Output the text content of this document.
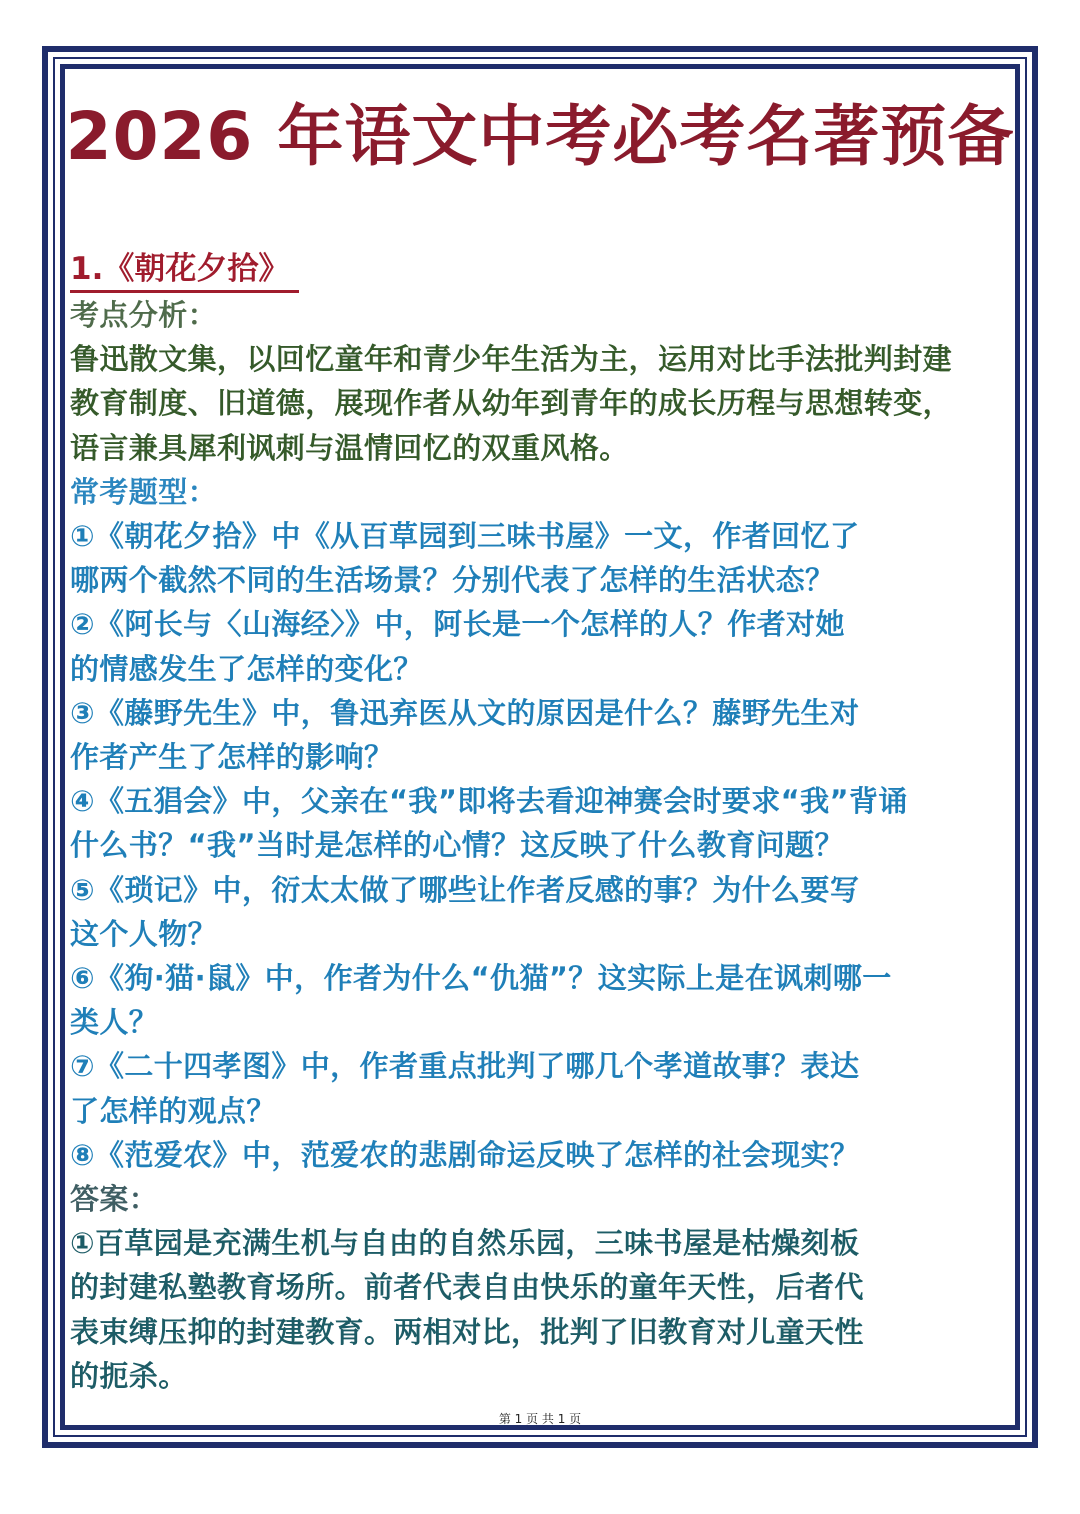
2026 年语文中考必考名著预备
1.《朝花夕拾》
考点分析：
鲁迅散文集，以回忆童年和青少年生活为主，运用对比手法批判封建
教育制度、旧道德，展现作者从幼年到青年的成长历程与思想转变，
语言兼具犀利讽刺与温情回忆的双重风格。
常考题型：
①《朝花夕拾》中《从百草园到三味书屋》一文，作者回忆了
哪两个截然不同的生活场景？分别代表了怎样的生活状态？
②《阿长与〈山海经〉》中，阿长是一个怎样的人？作者对她
的情感发生了怎样的变化？
③《藤野先生》中，鲁迅弃医从文的原因是什么？藤野先生对
作者产生了怎样的影响？
④《五猖会》中，父亲在“我”即将去看迎神赛会时要求“我”背诵
什么书？“我”当时是怎样的心情？这反映了什么教育问题？
⑤《琐记》中，衍太太做了哪些让作者反感的事？为什么要写
这个人物？
⑥《狗·猫·鼠》中，作者为什么“仇猫”？这实际上是在讽刺哪一
类人？
⑦《二十四孝图》中，作者重点批判了哪几个孝道故事？表达
了怎样的观点？
⑧《范爱农》中，范爱农的悲剧命运反映了怎样的社会现实？
答案：
①百草园是充满生机与自由的自然乐园，三味书屋是枯燥刻板
的封建私塾教育场所。前者代表自由快乐的童年天性，后者代
表束缚压抑的封建教育。两相对比，批判了旧教育对儿童天性
的扼杀。
第 1 页 共 1 页
